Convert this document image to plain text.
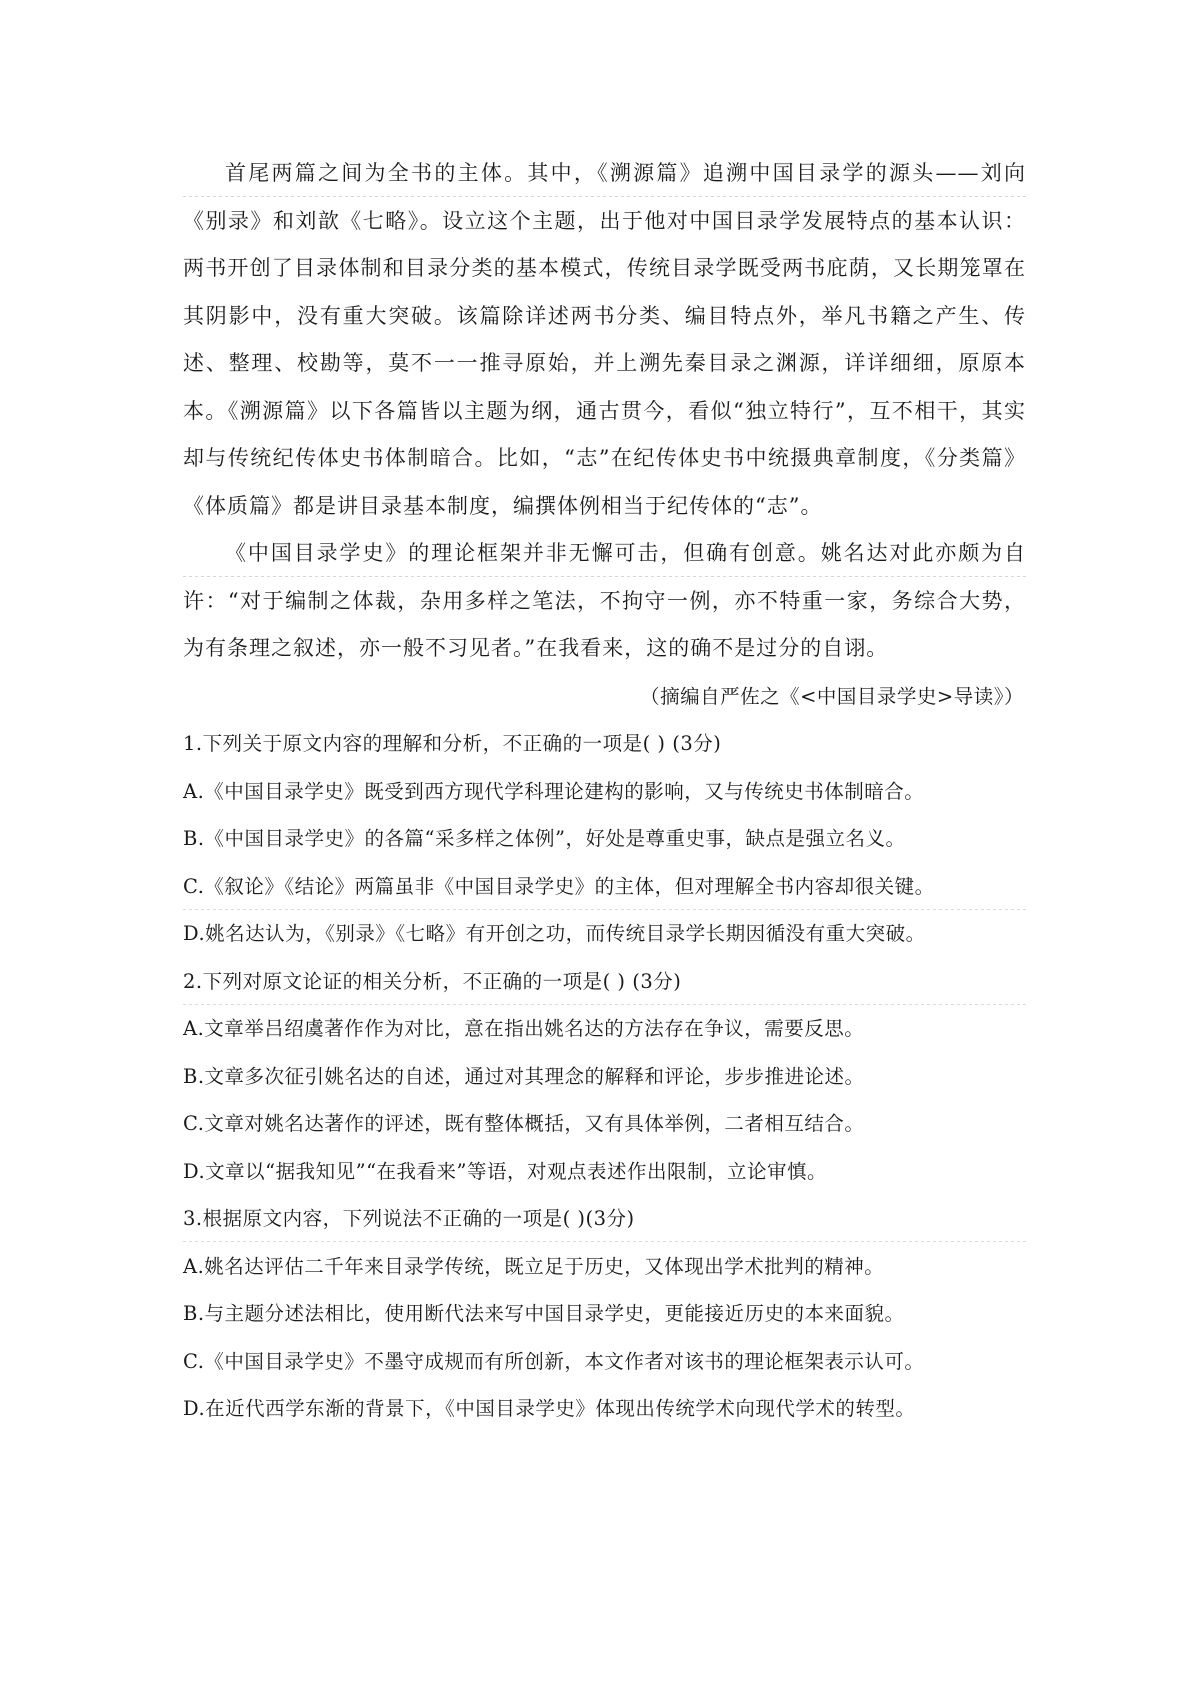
首尾两篇之间为全书的主体。其中，《溯源篇》追溯中国目录学的源头——刘向《别录》和刘歆《七略》。设立这个主题，出于他对中国目录学发展特点的基本认识：两书开创了目录体制和目录分类的基本模式，传统目录学既受两书庇荫，又长期笼罩在其阴影中，没有重大突破。该篇除详述两书分类、编目特点外，举凡书籍之产生、传述、整理、校勘等，莫不一一推寻原始，并上溯先秦目录之渊源，详详细细，原原本本。《溯源篇》以下各篇皆以主题为纲，通古贯今，看似“独立特行”，互不相干，其实却与传统纪传体史书体制暗合。比如，“志”在纪传体史书中统摄典章制度，《分类篇》《体质篇》都是讲目录基本制度，编撰体例相当于纪传体的“志”。

《中国目录学史》的理论框架并非无懈可击，但确有创意。姚名达对此亦颇为自许：“对于编制之体裁，杂用多样之笔法，不拘守一例，亦不特重一家，务综合大势，为有条理之叙述，亦一般不习见者。”在我看来，这的确不是过分的自诩。

（摘编自严佐之《<中国目录学史>导读》）

1.下列关于原文内容的理解和分析，不正确的一项是( ) (3分)

A.《中国目录学史》既受到西方现代学科理论建构的影响，又与传统史书体制暗合。

B.《中国目录学史》的各篇“采多样之体例”，好处是尊重史事，缺点是强立名义。

C.《叙论》《结论》两篇虽非《中国目录学史》的主体，但对理解全书内容却很关键。

D.姚名达认为，《别录》《七略》有开创之功，而传统目录学长期因循没有重大突破。

2.下列对原文论证的相关分析，不正确的一项是( ) (3分)

A.文章举吕绍虞著作作为对比，意在指出姚名达的方法存在争议，需要反思。

B.文章多次征引姚名达的自述，通过对其理念的解释和评论，步步推进论述。

C.文章对姚名达著作的评述，既有整体概括，又有具体举例，二者相互结合。

D.文章以“据我知见”“在我看来”等语，对观点表述作出限制，立论审慎。

3.根据原文内容，下列说法不正确的一项是( )(3分)

A.姚名达评估二千年来目录学传统，既立足于历史，又体现出学术批判的精神。

B.与主题分述法相比，使用断代法来写中国目录学史，更能接近历史的本来面貌。

C.《中国目录学史》不墨守成规而有所创新，本文作者对该书的理论框架表示认可。

D.在近代西学东渐的背景下，《中国目录学史》体现出传统学术向现代学术的转型。
